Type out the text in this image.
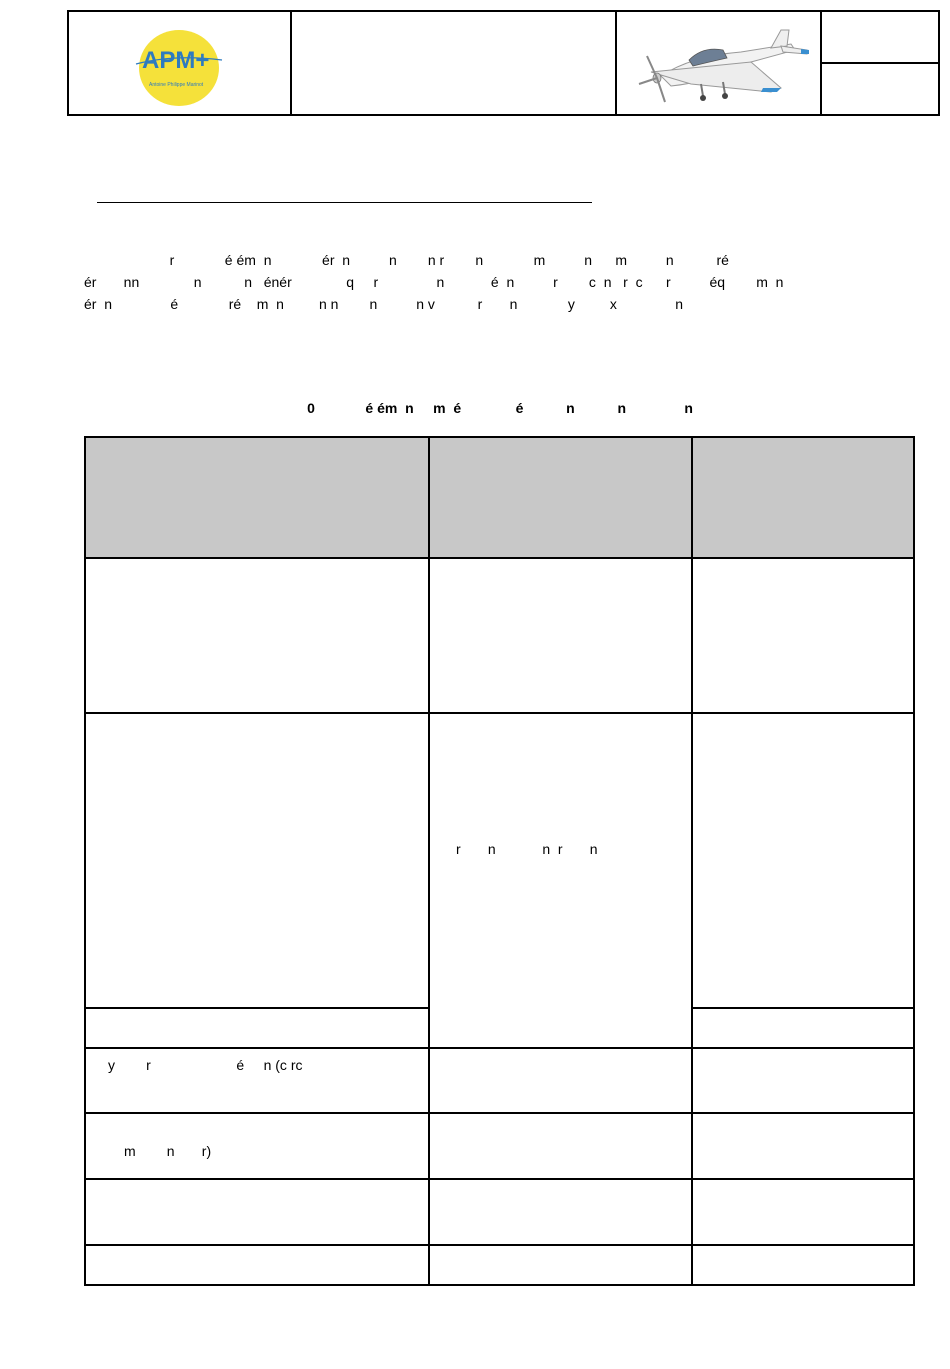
APM+
Antoine Philippe Marinot
r             é ém  n             ér  n          n        n r        n             m          n      m          n           ré
ér       nn              n           n   énér              q     r               n            é  n          r        c  n   r  c      r          éq        m  n
ér  n               é             ré    m  n         n n        n          n v           r       n             y         x               n
0             é ém  n     m  é              é           n           n               n
r       n            n  r       n
y        r                      é     n (c rc
m        n       r)
